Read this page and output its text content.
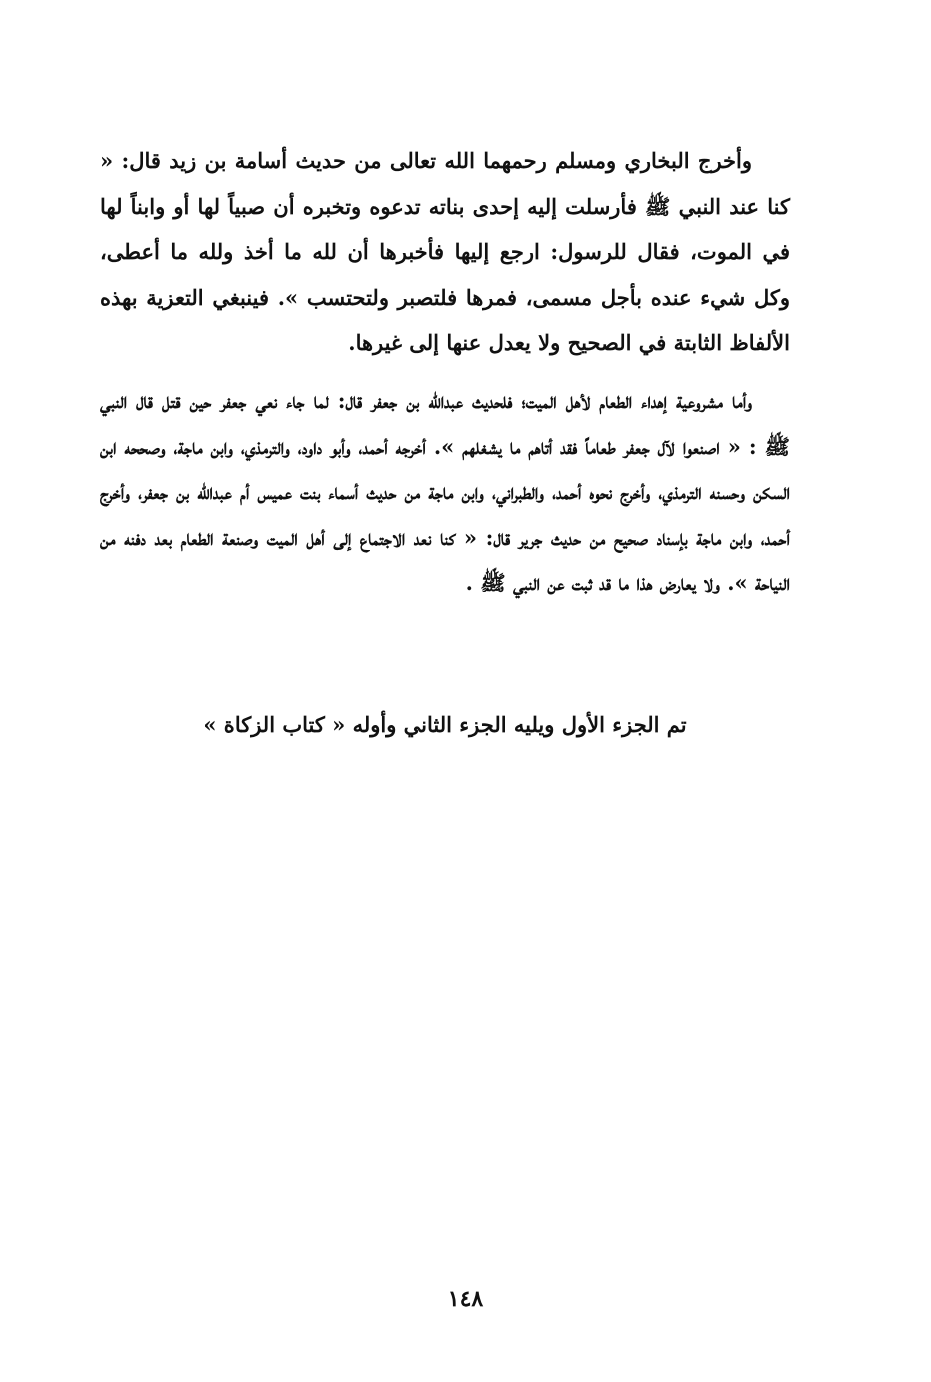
وأخرج البخاري ومسلم رحمهما الله تعالى من حديث أسامة بن زيد قال: « كنا عند النبي ﷺ فأرسلت إليه إحدى بناته تدعوه وتخبره أن صبياً لها أو وابناً لها في الموت، فقال للرسول: ارجع إليها فأخبرها أن لله ما أخذ ولله ما أعطى، وكل شيء عنده بأجل مسمى، فمرها فلتصبر ولتحتسب ». فينبغي التعزية بهذه الألفاظ الثابتة في الصحيح ولا يعدل عنها إلى غيرها.

وأما مشروعية إهداء الطعام لأهل الميت؛ فلحديث عبدالله بن جعفر قال: لما جاء نعي جعفر حين قتل قال النبي ﷺ : « اصنعوا لآل جعفر طعاماً فقد أتاهم ما يشغلهم ». أخرجه أحمد، وأبو داود، والترمذي، وابن ماجة، وصححه ابن السكن وحسنه الترمذي، وأخرج نحوه أحمد، والطبراني، وابن ماجة من حديث أسماء بنت عميس أم عبدالله بن جعفر، وأخرج أحمد، وابن ماجة بإسناد صحيح من حديث جرير قال: « كنا نعد الاجتماع إلى أهل الميت وصنعة الطعام بعد دفنه من النياحة ». ولا يعارض هذا ما قد ثبت عن النبي ﷺ .

تم الجزء الأول ويليه الجزء الثاني وأوله « كتاب الزكاة »

١٤٨
